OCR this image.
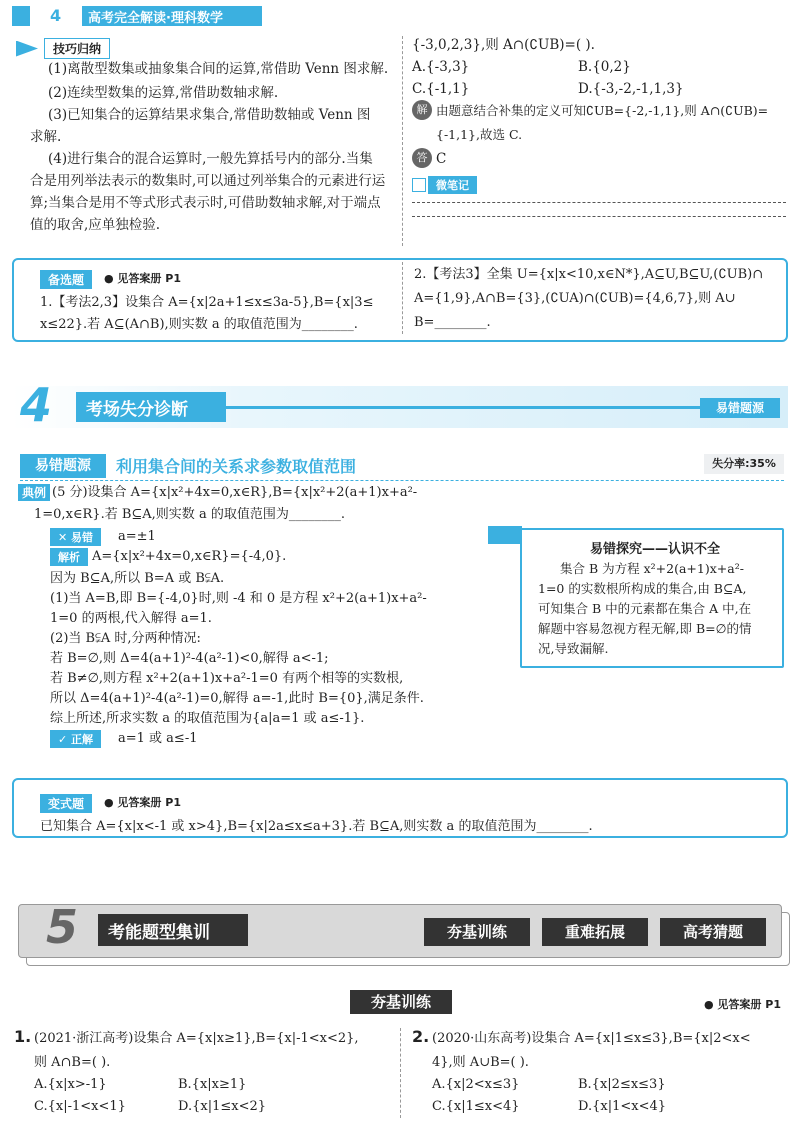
4	高考完全解读·理科数学
技巧归纳
(1)离散型数集或抽象集合间的运算,常借助 Venn 图求解.
(2)连续型数集的运算,常借助数轴求解.
(3)已知集合的运算结果求集合,常借助数轴或 Venn 图
求解.
(4)进行集合的混合运算时,一般先算括号内的部分.当集
合是用列举法表示的数集时,可以通过列举集合的元素进行运
算;当集合是用不等式形式表示时,可借助数轴求解,对于端点
值的取舍,应单独检验.
{-3,0,2,3},则 A∩(∁UB)=( ).
A.{-3,3}	B.{0,2}
C.{-1,1}	D.{-3,-2,-1,1,3}
解 由题意结合补集的定义可知∁UB={-2,-1,1},则 A∩(∁UB)=
{-1,1},故选 C.
答 C
微笔记
备选题	● 见答案册 P1
1.【考法2,3】设集合 A={x|2a+1≤x≤3a-5},B={x|3≤
x≤22}.若 A⊆(A∩B),则实数 a 的取值范围为________.
2.【考法3】全集 U={x|x<10,x∈N*},A⊆U,B⊆U,(∁UB)∩
A={1,9},A∩B={3},(∁UA)∩(∁UB)={4,6,7},则 A∪
B=________.
4	考场失分诊断	易错题源
易错题源	利用集合间的关系求参数取值范围	失分率:35%
典例 (5 分)设集合 A={x|x²+4x=0,x∈R},B={x|x²+2(a+1)x+a²-
1=0,x∈R}.若 B⊆A,则实数 a 的取值范围为________.
✕ 易错	a=±1
解析 A={x|x²+4x=0,x∈R}={-4,0}.
因为 B⊆A,所以 B=A 或 B⫋A.
(1)当 A=B,即 B={-4,0}时,则 -4 和 0 是方程 x²+2(a+1)x+a²-
1=0 的两根,代入解得 a=1.
(2)当 B⫋A 时,分两种情况:
若 B=∅,则 Δ=4(a+1)²-4(a²-1)<0,解得 a<-1;
若 B≠∅,则方程 x²+2(a+1)x+a²-1=0 有两个相等的实数根,
所以 Δ=4(a+1)²-4(a²-1)=0,解得 a=-1,此时 B={0},满足条件.
综上所述,所求实数 a 的取值范围为{a|a=1 或 a≤-1}.
✓ 正解	a=1 或 a≤-1
易错探究——认识不全
集合 B 为方程 x²+2(a+1)x+a²-
1=0 的实数根所构成的集合,由 B⊆A,
可知集合 B 中的元素都在集合 A 中,在
解题中容易忽视方程无解,即 B=∅的情
况,导致漏解.
变式题	● 见答案册 P1
已知集合 A={x|x<-1 或 x>4},B={x|2a≤x≤a+3}.若 B⊆A,则实数 a 的取值范围为________.
5	考能题型集训	夯基训练	重难拓展	高考猜题
夯基训练	● 见答案册 P1
1. (2021·浙江高考)设集合 A={x|x≥1},B={x|-1<x<2},
则 A∩B=( ).
A.{x|x>-1}	B.{x|x≥1}
C.{x|-1<x<1}	D.{x|1≤x<2}
2. (2020·山东高考)设集合 A={x|1≤x≤3},B={x|2<x<
4},则 A∪B=( ).
A.{x|2<x≤3}	B.{x|2≤x≤3}
C.{x|1≤x<4}	D.{x|1<x<4}
